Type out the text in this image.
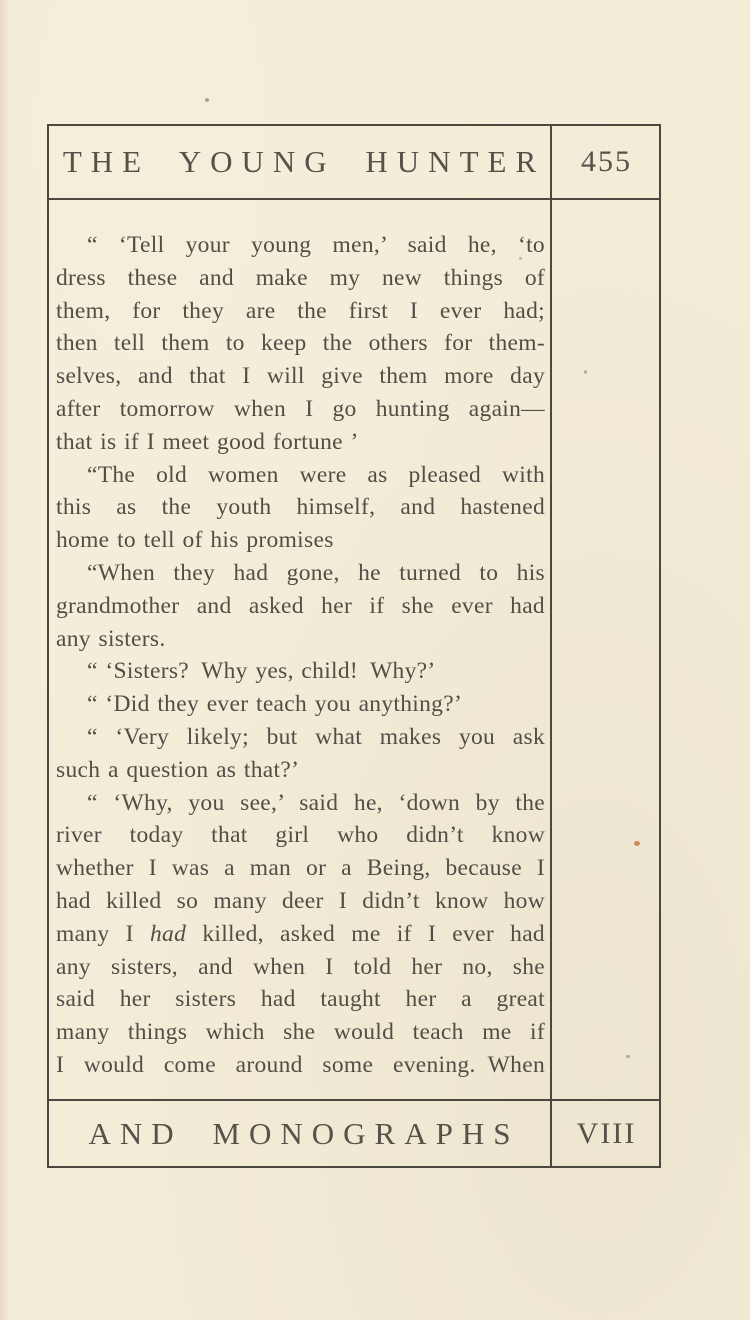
THE YOUNG HUNTER 455
“ ‘Tell your young men,’ said he, ‘to
dress these and make my new things of
them, for they are the first I ever had;
then tell them to keep the others for them-
selves, and that I will give them more day
after tomorrow when I go hunting again—
that is if I meet good fortune ’
“The old women were as pleased with
this as the youth himself, and hastened
home to tell of his promises
“When they had gone, he turned to his
grandmother and asked her if she ever had
any sisters.
“ ‘Sisters? Why yes, child! Why?’
“ ‘Did they ever teach you anything?’
“ ‘Very likely; but what makes you ask
such a question as that?’
“ ‘Why, you see,’ said he, ‘down by the
river today that girl who didn’t know
whether I was a man or a Being, because I
had killed so many deer I didn’t know how
many I had killed, asked me if I ever had
any sisters, and when I told her no, she
said her sisters had taught her a great
many things which she would teach me if
I would come around some evening. When
AND MONOGRAPHS VIII
